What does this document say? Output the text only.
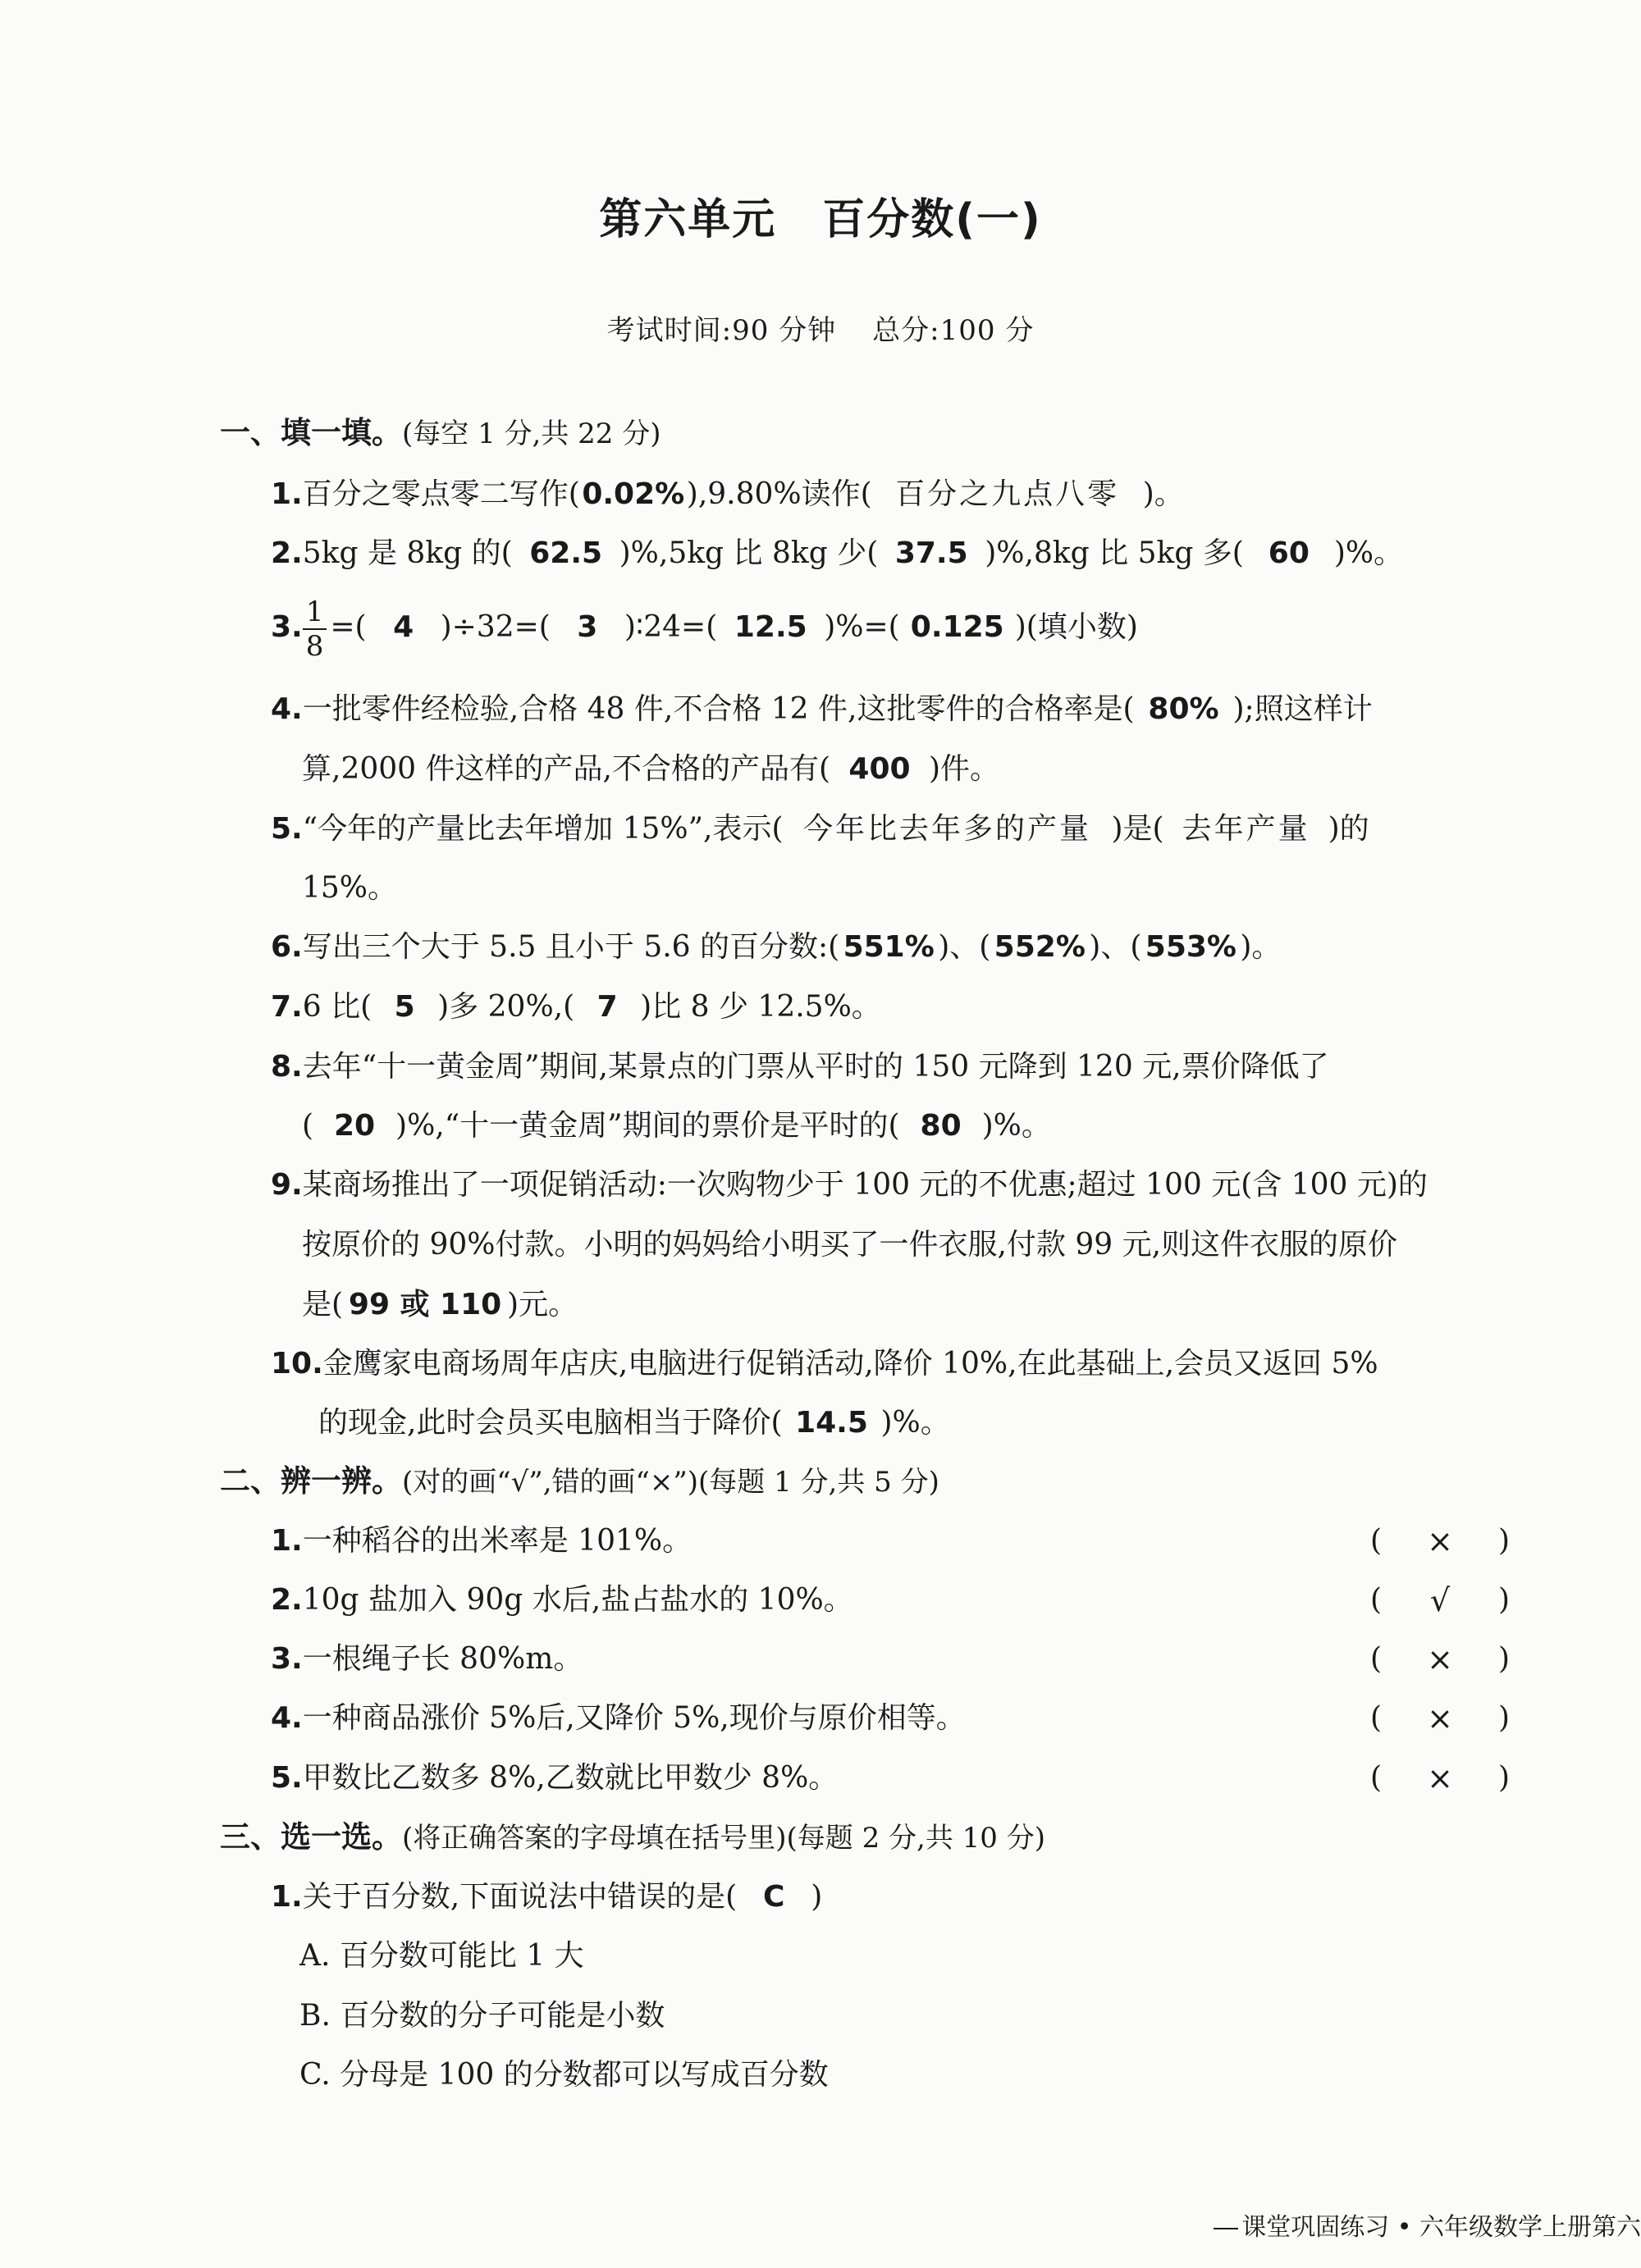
第六单元 百分数(一)
考试时间:90 分钟 总分:100 分
一、填一填。(每空 1 分,共 22 分)
1.百分之零点零二写作(0.02%),9.80%读作( 百分之九点八零 )。
2.5kg 是 8kg 的( 62.5 )%,5kg 比 8kg 少( 37.5 )%,8kg 比 5kg 多( 60 )%。
3. $\frac{1}{8}$ =( 4 )÷32=( 3 )∶24=( 12.5 )%=( 0.125 )(填小数)
4.一批零件经检验,合格 48 件,不合格 12 件,这批零件的合格率是( 80% );照这样计
算,2000 件这样的产品,不合格的产品有( 400 )件。
5.“今年的产量比去年增加 15%”,表示( 今年比去年多的产量 )是( 去年产量 )的
15%。
6.写出三个大于 5.5 且小于 5.6 的百分数:( 551% )、( 552% )、( 553% )。
7.6 比( 5 )多 20%,( 7 )比 8 少 12.5%。
8.去年“十一黄金周”期间,某景点的门票从平时的 150 元降到 120 元,票价降低了
( 20 )%,“十一黄金周”期间的票价是平时的( 80 )%。
9.某商场推出了一项促销活动:一次购物少于 100 元的不优惠;超过 100 元(含 100 元)的
按原价的 90%付款。小明的妈妈给小明买了一件衣服,付款 99 元,则这件衣服的原价
是( 99 或 110 )元。
10.金鹰家电商场周年店庆,电脑进行促销活动,降价 10%,在此基础上,会员又返回 5%
的现金,此时会员买电脑相当于降价( 14.5 )%。
二、辨一辨。(对的画“√”,错的画“×”)(每题 1 分,共 5 分)
1.一种稻谷的出米率是 101%。	(	×	)
2.10g 盐加入 90g 水后,盐占盐水的 10%。	(	√	)
3.一根绳子长 80%m。	(	×	)
4.一种商品涨价 5%后,又降价 5%,现价与原价相等。	(	×	)
5.甲数比乙数多 8%,乙数就比甲数少 8%。	(	×	)
三、选一选。(将正确答案的字母填在括号里)(每题 2 分,共 10 分)
1.关于百分数,下面说法中错误的是( C )
A. 百分数可能比 1 大
B. 百分数的分子可能是小数
C. 分母是 100 的分数都可以写成百分数
课堂巩固练习 • 六年级数学上册第六
